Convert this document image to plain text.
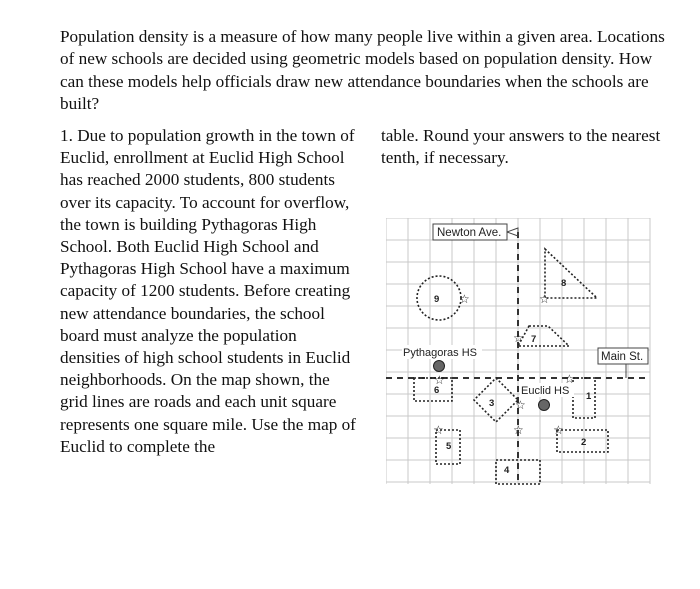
Population density is a measure of how many people live within a given area. Locations of new schools are decided using geometric models based on population density. How can these models help officials draw new attendance boundaries when the schools are built?

1. Due to population growth in the town of Euclid, enrollment at Euclid High School has reached 2000 students, 800 students over its capacity. To account for overflow, the town is building Pythagoras High School. Both Euclid High School and Pythagoras High School have a maximum capacity of 1200 students. Before creating new attendance boundaries, the school board must analyze the population densities of high school students in Euclid neighborhoods. On the map shown, the grid lines are roads and each unit square represents one square mile. Use the map of Euclid to complete the

table. Round your answers to the nearest tenth, if necessary.

Newton Ave.
Main St.
Pythagoras HS
Euclid HS
☆	☆
☆
☆
☆
☆
☆
☆	☆
1
2
3
4
5
6
7
8
9
